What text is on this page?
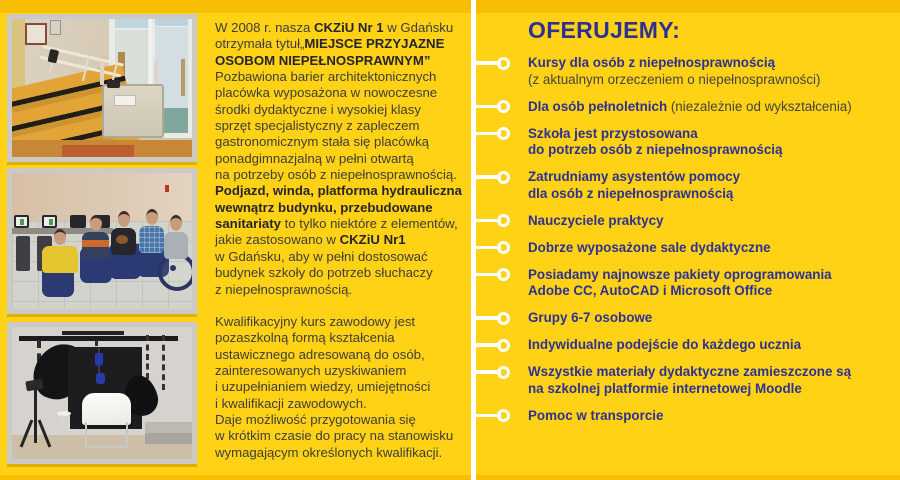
W 2008 r. nasza CKZiU Nr 1 w Gdańsku
otrzymała tytuł„MIEJSCE PRZYJAZNE
OSOBOM NIEPEŁNOSPRAWNYM”
Pozbawiona barier architektonicznych
placówka wyposażona w nowoczesne
środki dydaktyczne i wysokiej klasy
sprzęt specjalistyczny z zapleczem
gastronomicznym stała się placówką
ponadgimnazjalną w pełni otwartą
na potrzeby osób z niepełnosprawnością.
Podjazd, winda, platforma hydrauliczna
wewnątrz budynku, przebudowane
sanitariaty to tylko niektóre z elementów,
jakie zastosowano w CKZiU Nr1
w Gdańsku, aby w pełni dostosować
budynek szkoły do potrzeb słuchaczy
z niepełnosprawnością.

Kwalifikacyjny kurs zawodowy jest
pozaszkolną formą kształcenia
ustawicznego adresowaną do osób,
zainteresowanych uzyskiwaniem
i uzupełnianiem wiedzy, umiejętności
i kwalifikacji zawodowych.
Daje możliwość przygotowania się
w krótkim czasie do pracy na stanowisku
wymagającym określonych kwalifikacji.

OFERUJEMY:
Kursy dla osób z niepełnosprawnością
(z aktualnym orzeczeniem o niepełnosprawności)
Dla osób pełnoletnich (niezależnie od wykształcenia)
Szkoła jest przystosowana
do potrzeb osób z niepełnosprawnością
Zatrudniamy asystentów pomocy
dla osób z niepełnosprawnością
Nauczyciele praktycy
Dobrze wyposażone sale dydaktyczne
Posiadamy najnowsze pakiety oprogramowania
Adobe CC, AutoCAD i Microsoft Office
Grupy 6-7 osobowe
Indywidualne podejście do każdego ucznia
Wszystkie materiały dydaktyczne zamieszczone są
na szkolnej platformie internetowej Moodle
Pomoc w transporcie
